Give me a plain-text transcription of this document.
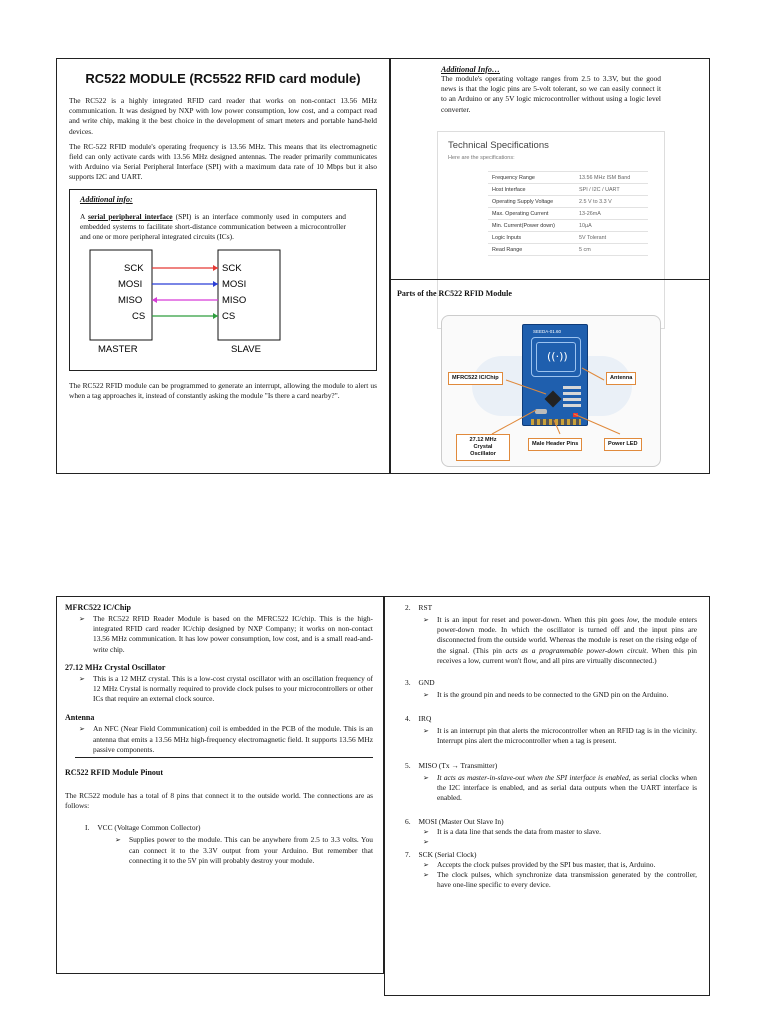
RC522 MODULE (RC5522 RFID card module)

The RC522 is a highly integrated RFID card reader that works on non-contact 13.56 MHz communication. It was designed by NXP with low power consumption, low cost, and a compact read and write chip, making it the best choice in the development of smart meters and portable hand-held devices.

The RC-522 RFID module's operating frequency is 13.56 MHz. This means that its electromagnetic field can only activate cards with 13.56 MHz designed antennas. The reader primarily communicates with Arduino via Serial Peripheral Interface (SPI) with a maximum data rate of 10 Mbps but it also supports I2C and UART.

Additional info:

A serial peripheral interface (SPI) is an interface commonly used in computers and embedded systems to facilitate short-distance communication between a microcontroller and one or more peripheral integrated circuits (ICs).

SCK
MOSI
MISO
CS
SCK
MOSI
MISO
CS
MASTER	SLAVE

The RC522 RFID module can be programmed to generate an interrupt, allowing the module to alert us when a tag approaches it, instead of constantly asking the module "Is there a card nearby?".

Additional Info…

The module's operating voltage ranges from 2.5 to 3.3V, but the good news is that the logic pins are 5-volt tolerant, so we can easily connect it to an Arduino or any 5V logic microcontroller without using a logic level converter.

Technical Specifications
Here are the specifications:
Frequency Range	13.56 MHz ISM Band
Host Interface	SPI / I2C / UART
Operating Supply Voltage	2.5 V to 3.3 V
Max. Operating Current	13-26mA
Min. Current(Power down)	10µA
Logic Inputs	5V Tolerant
Read Range	5 cm
Parts of the RC522 RFID Module
SEEDA-01.60
((·))
MFRC522 IC/Chip	Antenna
27.12 MHz Crystal Oscillator
Male Header Pins	Power LED
MFRC522 IC/Chip
➢	The RC522 RFID Reader Module is based on the MFRC522 IC/chip. This is the high-integrated RFID card reader IC/chip designed by NXP Company; it works on non-contact 13.56 MHz communication. It has low power consumption, low cost, and is a small read-and-write chip.
27.12 MHz Crystal Oscillator
➢	This is a 12 MHZ crystal. This is a low-cost crystal oscillator with an oscillation frequency of 12 MHz Crystal is normally required to provide clock pulses to your microcontrollers or other ICs that require an external clock source.
Antenna
➢	An NFC (Near Field Communication) coil is embedded in the PCB of the module. This is an antenna that emits a 13.56 MHz high-frequency electromagnetic field. It supports 13.56 MHz passive components.
RC522 RFID Module Pinout

The RC522 module has a total of 8 pins that connect it to the outside world. The connections are as follows:

I. VCC (Voltage Common Collector)
➢	Supplies power to the module. This can be anywhere from 2.5 to 3.3 volts. You can connect it to the 3.3V output from your Arduino. But remember that connecting it to the 5V pin will probably destroy your module.
2. RST
➢	It is an input for reset and power-down. When this pin goes low, the module enters power-down mode. In which the oscillator is turned off and the input pins are disconnected from the outside world. Whereas the module is reset on the rising edge of the signal. (This pin acts as a programmable power-down circuit. When this pin receives a low, current won't flow, and all pins are virtually disconnected.)
3. GND
➢	It is the ground pin and needs to be connected to the GND pin on the Arduino.
4. IRQ
➢	It is an interrupt pin that alerts the microcontroller when an RFID tag is in the vicinity. Interrupt pins alert the microcontroller when a tag is present.
5. MISO (Tx → Transmitter)
➢	It acts as master-in-slave-out when the SPI interface is enabled, as serial clocks when the I2C interface is enabled, and as serial data outputs when the UART interface is enabled.
6. MOSI (Master Out Slave In)
➢	It is a data line that sends the data from master to slave.
➢
7. SCK (Serial Clock)
➢	Accepts the clock pulses provided by the SPI bus master, that is, Arduino.
➢	The clock pulses, which synchronize data transmission generated by the controller, have one-line specific to every device.
